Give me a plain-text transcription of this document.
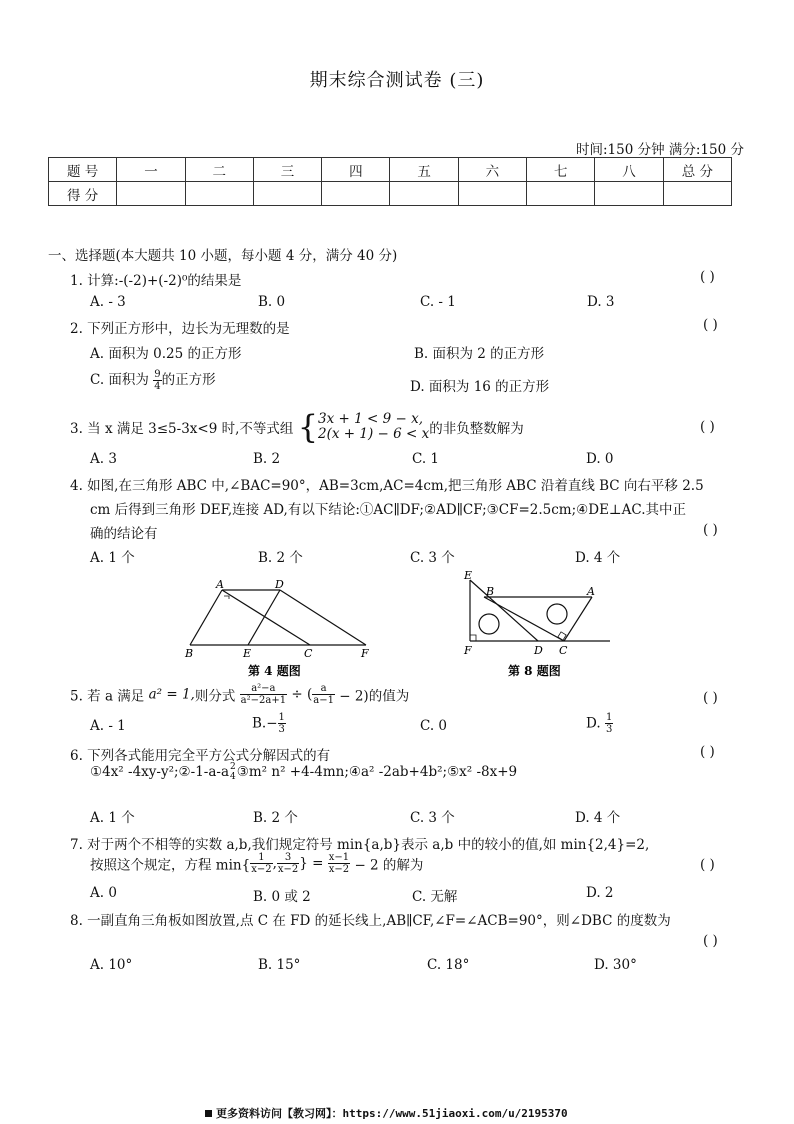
期末综合测试卷 (三)
时间:150 分钟 满分:150 分
题 号	一	二	三	四	五	六	七	八	总 分
得 分									
一、选择题(本大题共 10 小题，每小题 4 分，满分 40 分)
1. 计算:-(-2)+(-2)⁰的结果是	( )
A. - 3	B. 0	C. - 1	D. 3
2. 下列正方形中，边长为无理数的是	( )
A. 面积为 0.25 的正方形	B. 面积为 2 的正方形
C. 面积为 $\frac{9}{4}$ 的正方形	D. 面积为 16 的正方形
3. 当 x 满足 3≤5-3x<9 时,不等式组 { 3x + 1 < 9 − x,
2(x + 1) − 6 < x 的非负整数解为	( )
A. 3	B. 2	C. 1	D. 0
4. 如图,在三角形 ABC 中,∠BAC=90°，AB=3cm,AC=4cm,把三角形 ABC 沿着直线 BC 向右平移 2.5
cm 后得到三角形 DEF,连接 AD,有以下结论:①AC∥DF;②AD∥CF;③CF=2.5cm;④DE⊥AC.其中正
确的结论有	( )
A. 1 个	B. 2 个	C. 3 个	D. 4 个
A	D
B	E	C	F
第 4 题图
E
B	A
F	D C
第 8 题图
5. 若 a 满足 a² = 1,则分式 $\frac{\text{a²−a}}{\text{a²−2a+1}}$ ÷ ( $\frac{a}{a-1} - 2$)的值为	( )
A. - 1	$B.- \frac{1}{3}$	C. 0	D. $\frac{1}{3}$
6. 下列各式能用完全平方公式分解因式的有	( )
①4x² -4xy-y²;②-1-a-a 2
4 ③m² n² +4-4mn;④a² -2ab+4b²;⑤x² -8x+9
A. 1 个	B. 2 个	C. 3 个	D. 4 个
7. 对于两个不相等的实数 a,b,我们规定符号 min{a,b}表示 a,b 中的较小的值,如 min{2,4}=2,
按照这个规定，方程 $\min\{ \frac{1}{x-2}$ , $\frac{3}{x-2}$ } = $\frac{x-1}{x-2} - 2$ 的解为	( )
A. 0	B. 0 或 2	C. 无解	D. 2
8. 一副直角三角板如图放置,点 C 在 FD 的延长线上,AB∥CF,∠F=∠ACB=90°，则∠DBC 的度数为
( )
A. 10°	B. 15°	C. 18°	D. 30°
更多资料访问【教习网】：https://www.51jiaoxi.com/u/2195370
